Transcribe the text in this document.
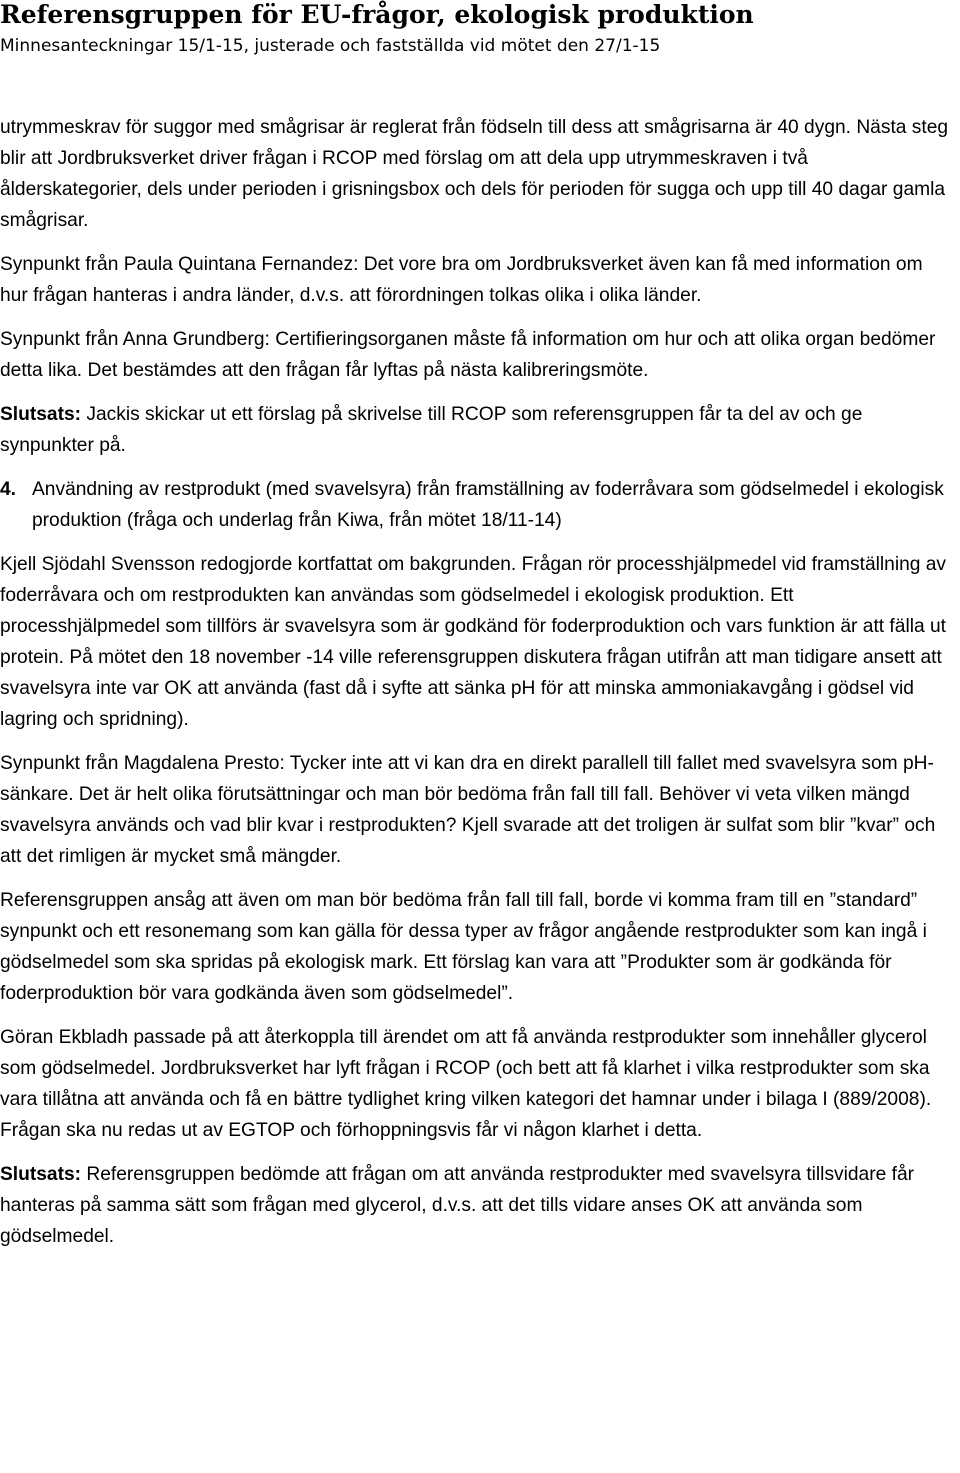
Referensgruppen för EU-frågor, ekologisk produktion
Minnesanteckningar 15/1-15, justerade och fastställda vid mötet den 27/1-15

utrymmeskrav för suggor med smågrisar är reglerat från födseln till dess att smågrisarna är 40 dygn. Nästa steg blir att Jordbruksverket driver frågan i RCOP med förslag om att dela upp utrymmeskraven i två ålderskategorier, dels under perioden i grisningsbox och dels för perioden för sugga och upp till 40 dagar gamla smågrisar.

Synpunkt från Paula Quintana Fernandez: Det vore bra om Jordbruksverket även kan få med information om hur frågan hanteras i andra länder, d.v.s. att förordningen tolkas olika i olika länder.

Synpunkt från Anna Grundberg: Certifieringsorganen måste få information om hur och att olika organ bedömer detta lika. Det bestämdes att den frågan får lyftas på nästa kalibreringsmöte.

Slutsats: Jackis skickar ut ett förslag på skrivelse till RCOP som referensgruppen får ta del av och ge synpunkter på.

4. Användning av restprodukt (med svavelsyra) från framställning av foderråvara som gödselmedel i ekologisk produktion (fråga och underlag från Kiwa, från mötet 18/11-14)

Kjell Sjödahl Svensson redogjorde kortfattat om bakgrunden. Frågan rör processhjälpmedel vid framställning av foderråvara och om restprodukten kan användas som gödselmedel i ekologisk produktion. Ett processhjälpmedel som tillförs är svavelsyra som är godkänd för foderproduktion och vars funktion är att fälla ut protein. På mötet den 18 november -14 ville referensgruppen diskutera frågan utifrån att man tidigare ansett att svavelsyra inte var OK att använda (fast då i syfte att sänka pH för att minska ammoniakavgång i gödsel vid lagring och spridning).

Synpunkt från Magdalena Presto: Tycker inte att vi kan dra en direkt parallell till fallet med svavelsyra som pH-sänkare. Det är helt olika förutsättningar och man bör bedöma från fall till fall. Behöver vi veta vilken mängd svavelsyra används och vad blir kvar i restprodukten? Kjell svarade att det troligen är sulfat som blir ”kvar” och att det rimligen är mycket små mängder.

Referensgruppen ansåg att även om man bör bedöma från fall till fall, borde vi komma fram till en ”standard” synpunkt och ett resonemang som kan gälla för dessa typer av frågor angående restprodukter som kan ingå i gödselmedel som ska spridas på ekologisk mark. Ett förslag kan vara att ”Produkter som är godkända för foderproduktion bör vara godkända även som gödselmedel”.

Göran Ekbladh passade på att återkoppla till ärendet om att få använda restprodukter som innehåller glycerol som gödselmedel. Jordbruksverket har lyft frågan i RCOP (och bett att få klarhet i vilka restprodukter som ska vara tillåtna att använda och få en bättre tydlighet kring vilken kategori det hamnar under i bilaga I (889/2008). Frågan ska nu redas ut av EGTOP och förhoppningsvis får vi någon klarhet i detta.

Slutsats: Referensgruppen bedömde att frågan om att använda restprodukter med svavelsyra tillsvidare får hanteras på samma sätt som frågan med glycerol, d.v.s. att det tills vidare anses OK att använda som gödselmedel.
